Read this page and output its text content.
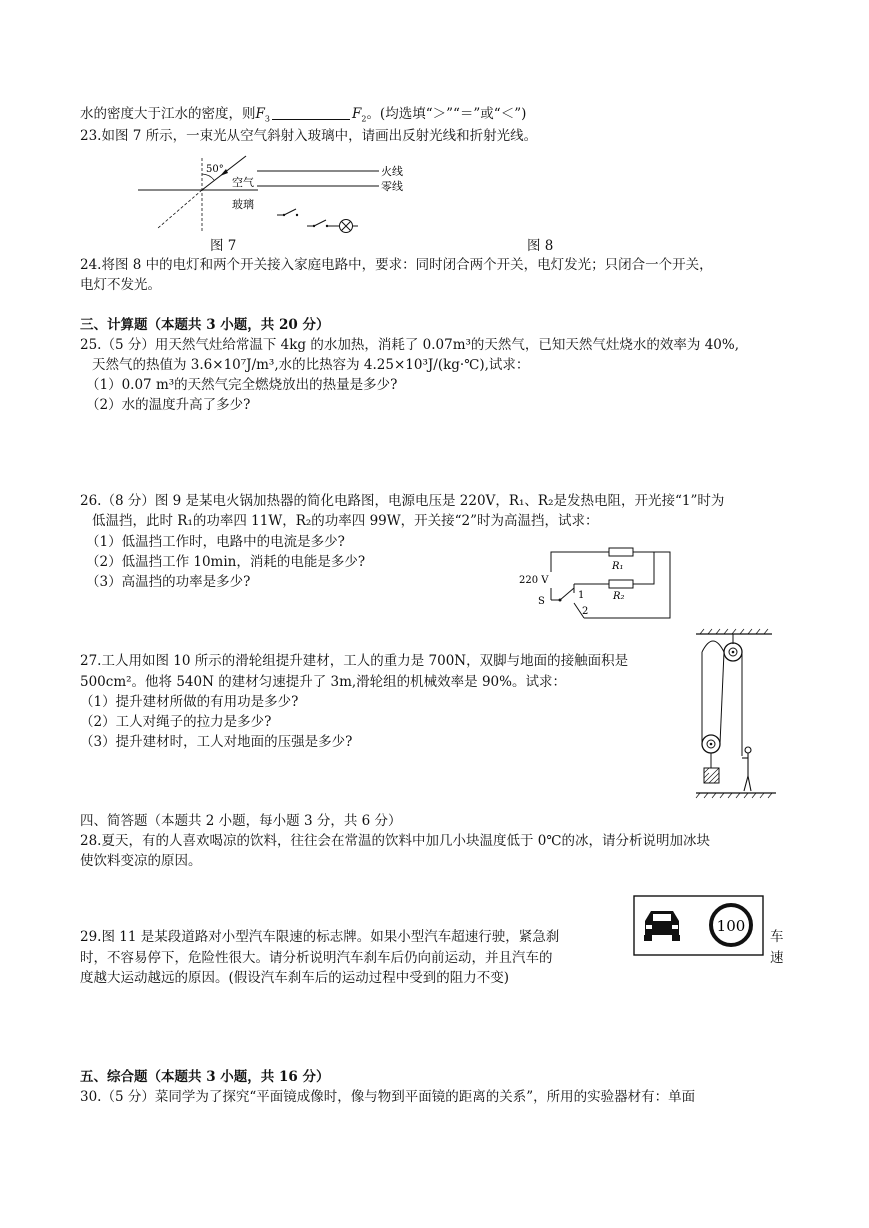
水的密度大于江水的密度，则$F_3$	$F_2$。(均选填“＞”“＝”或“＜”)
23.如图 7 所示，一束光从空气斜射入玻璃中，请画出反射光线和折射光线。
50°
空气
玻璃
火线
零线
图 7	图 8
24.将图 8 中的电灯和两个开关接入家庭电路中，要求：同时闭合两个开关，电灯发光；只闭合一个开关，
电灯不发光。
三、计算题（本题共 3 小题，共 20 分）
25.（5 分）用天然气灶给常温下 4kg 的水加热，消耗了 0.07m³的天然气，已知天然气灶烧水的效率为 40%,
天然气的热值为 3.6×10⁷J/m³,水的比热容为 4.25×10³J/(kg·℃),试求：
（1）0.07 m³的天然气完全燃烧放出的热量是多少?
（2）水的温度升高了多少?
26.（8 分）图 9 是某电火锅加热器的简化电路图，电源电压是 220V，R₁、R₂是发热电阻，开光接“1”时为
低温挡，此时 R₁的功率四 11W，R₂的功率四 99W，开关接“2”时为高温挡，试求：
（1）低温挡工作时，电路中的电流是多少?
（2）低温挡工作 10min，消耗的电能是多少?
（3）高温挡的功率是多少?
R₁
R₂
220 V
S
1
2
27.工人用如图 10 所示的滑轮组提升建材，工人的重力是 700N，双脚与地面的接触面积是
500cm²。他将 540N 的建材匀速提升了 3m,滑轮组的机械效率是 90%。试求：
（1）提升建材所做的有用功是多少?
（2）工人对绳子的拉力是多少?
（3）提升建材时，工人对地面的压强是多少?
四、简答题（本题共 2 小题，每小题 3 分，共 6 分）
28.夏天，有的人喜欢喝凉的饮料，往往会在常温的饮料中加几小块温度低于 0℃的冰，请分析说明加冰块
使饮料变凉的原因。
29.图 11 是某段道路对小型汽车限速的标志牌。如果小型汽车超速行驶，紧急刹	车
时，不容易停下，危险性很大。请分析说明汽车刹车后仍向前运动，并且汽车的	速
度越大运动越远的原因。(假设汽车刹车后的运动过程中受到的阻力不变)
100
五、综合题（本题共 3 小题，共 16 分）
30.（5 分）菜同学为了探究“平面镜成像时，像与物到平面镜的距离的关系”，所用的实验器材有：单面
